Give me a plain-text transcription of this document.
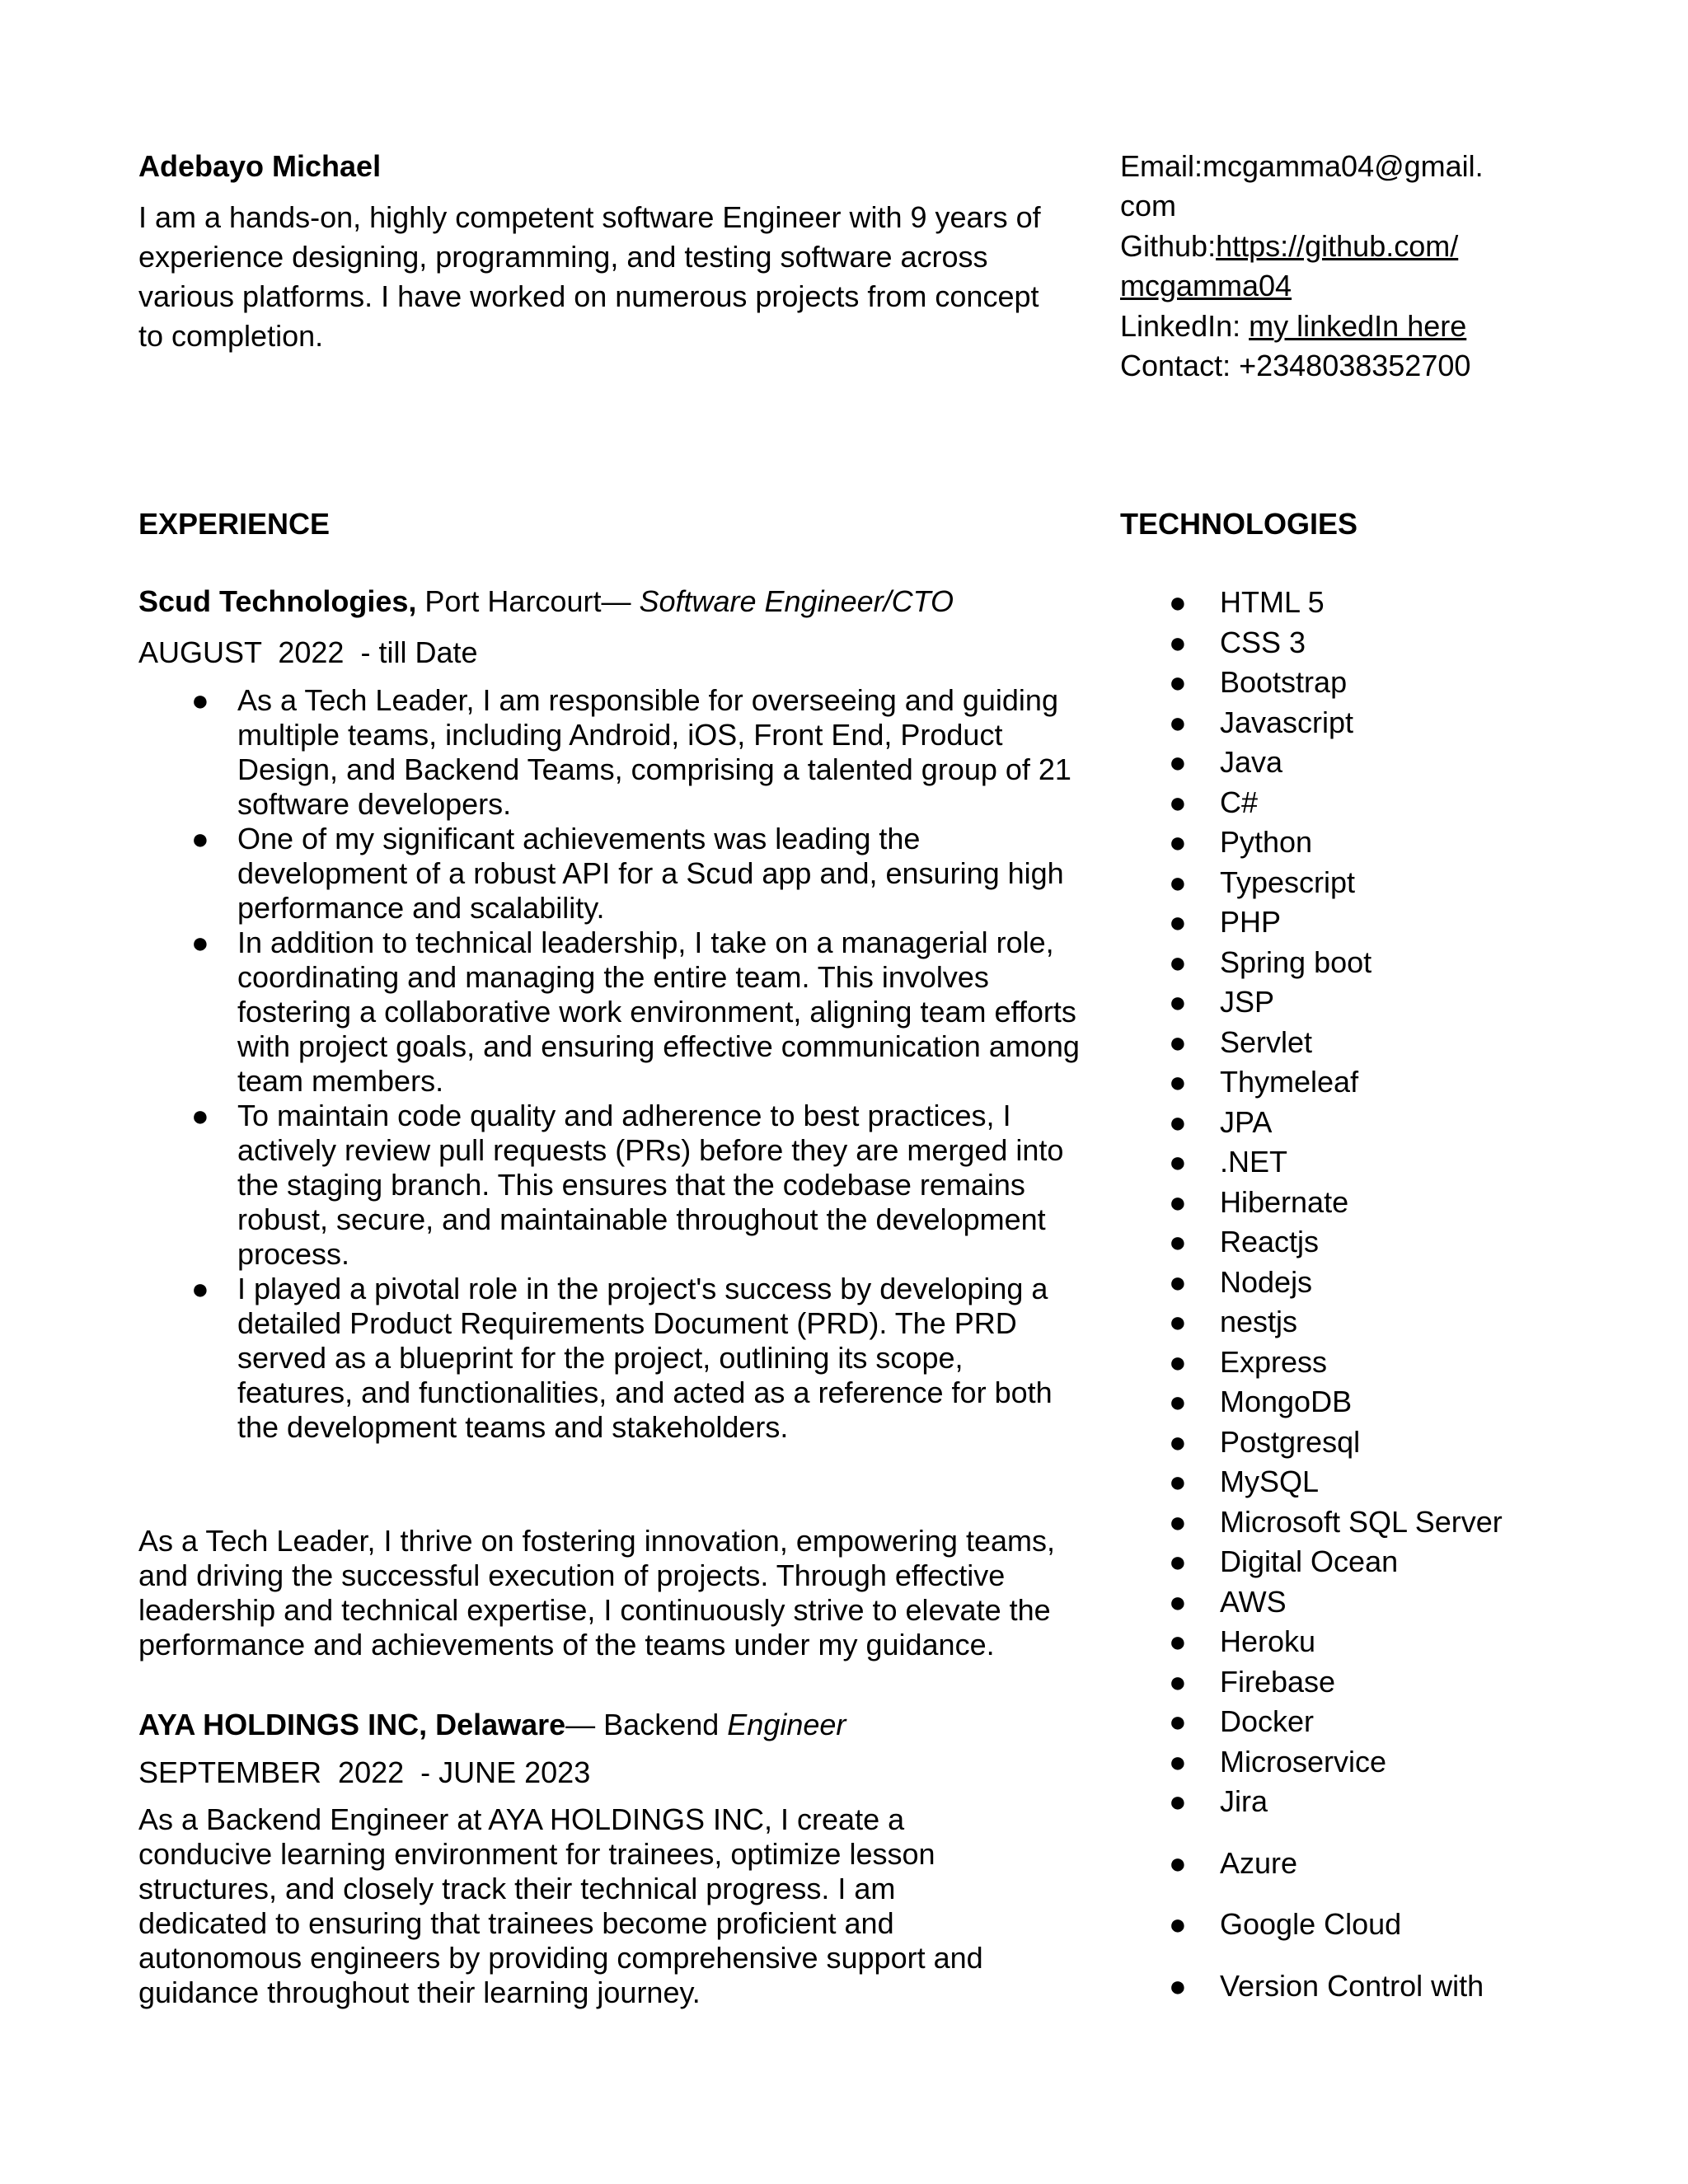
Adebayo Michael
I am a hands-on, highly competent software Engineer with 9 years of experience designing, programming, and testing software across various platforms. I have worked on numerous projects from concept to completion.
Email:mcgamma04@gmail.
com
Github:https://github.com/
mcgamma04
LinkedIn: my linkedIn here
Contact: +2348038352700
EXPERIENCE	TECHNOLOGIES
Scud Technologies, Port Harcourt— Software Engineer/CTO
AUGUST  2022  - till Date
● As a Tech Leader, I am responsible for overseeing and guiding multiple teams, including Android, iOS, Front End, Product Design, and Backend Teams, comprising a talented group of 21 software developers.
● One of my significant achievements was leading the development of a robust API for a Scud app and, ensuring high performance and scalability.
● In addition to technical leadership, I take on a managerial role, coordinating and managing the entire team. This involves fostering a collaborative work environment, aligning team efforts with project goals, and ensuring effective communication among team members.
● To maintain code quality and adherence to best practices, I actively review pull requests (PRs) before they are merged into the staging branch. This ensures that the codebase remains robust, secure, and maintainable throughout the development process.
● I played a pivotal role in the project's success by developing a detailed Product Requirements Document (PRD). The PRD served as a blueprint for the project, outlining its scope, features, and functionalities, and acted as a reference for both the development teams and stakeholders.
As a Tech Leader, I thrive on fostering innovation, empowering teams, and driving the successful execution of projects. Through effective leadership and technical expertise, I continuously strive to elevate the performance and achievements of the teams under my guidance.
AYA HOLDINGS INC, Delaware— Backend Engineer
SEPTEMBER  2022  - JUNE 2023
As a Backend Engineer at AYA HOLDINGS INC, I create a conducive learning environment for trainees, optimize lesson structures, and closely track their technical progress. I am dedicated to ensuring that trainees become proficient and autonomous engineers by providing comprehensive support and guidance throughout their learning journey.
● HTML 5
● CSS 3
● Bootstrap
● Javascript
● Java
● C#
● Python
● Typescript
● PHP
● Spring boot
● JSP
● Servlet
● Thymeleaf
● JPA
● .NET
● Hibernate
● Reactjs
● Nodejs
● nestjs
● Express
● MongoDB
● Postgresql
● MySQL
● Microsoft SQL Server
● Digital Ocean
● AWS
● Heroku
● Firebase
● Docker
● Microservice
● Jira
● Azure
● Google Cloud
● Version Control with
